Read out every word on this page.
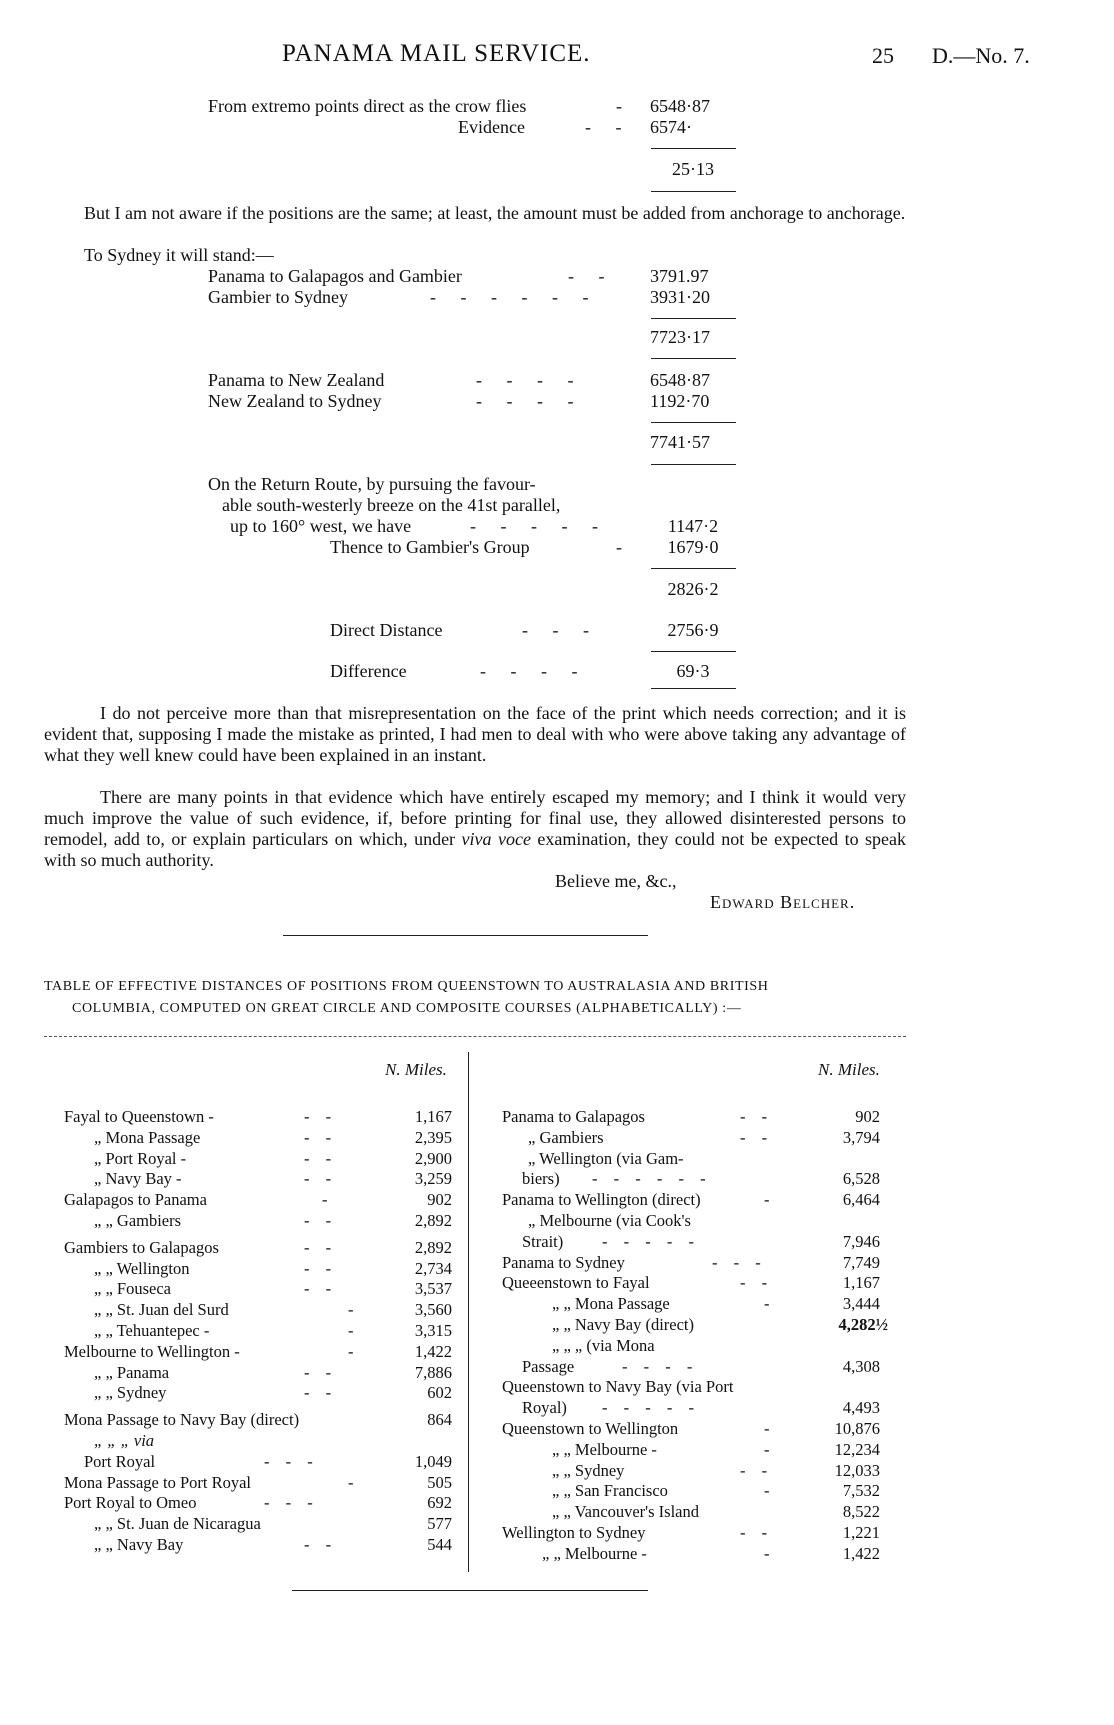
PANAMA MAIL SERVICE.	25 D.—No. 7.
From extremo points direct as the crow flies	- 6548·87
Evidence	- - 6574·
25·13
But I am not aware if the positions are the same; at least, the amount must be added from anchorage to anchorage.
To Sydney it will stand:—
Panama to Galapagos and Gambier	- - 3791.97
Gambier to Sydney	- - - - - -	3931·20
7723·17
Panama to New Zealand	- - - -	6548·87
New Zealand to Sydney	- - - -	1192·70
7741·57
On the Return Route, by pursuing the favour-
able south-westerly breeze on the 41st parallel,
up to 160° west, we have	- - - - -	1147·2
Thence to Gambier's Group	-	1679·0
2826·2
Direct Distance	- - -	2756·9
Difference	- - - -	69·3
I do not perceive more than that misrepresentation on the face of the print which needs correction; and it is evident that, supposing I made the mistake as printed, I had men to deal with who were above taking any advantage of what they well knew could have been explained in an instant.
There are many points in that evidence which have entirely escaped my memory; and I think it would very much improve the value of such evidence, if, before printing for final use, they allowed disinterested persons to remodel, add to, or explain particulars on which, under viva voce examination, they could not be expected to speak with so much authority.
Believe me, &c.,
Edward Belcher.
TABLE OF EFFECTIVE DISTANCES OF POSITIONS FROM QUEENSTOWN TO AUSTRALASIA AND BRITISH
COLUMBIA, COMPUTED ON GREAT CIRCLE AND COMPOSITE COURSES (ALPHABETICALLY) :—
N. Miles.	N. Miles.
Fayal to Queenstown -	- -	1,167
„ Mona Passage	- -	2,395
„ Port Royal -	- -	2,900
„ Navy Bay -	- -	3,259
Galapagos to Panama	-	902
„ „ Gambiers	- -	2,892
Gambiers to Galapagos	- -	2,892
„ „ Wellington	- -	2,734
„ „ Fouseca	- -	3,537
„ „ St. Juan del Surd	-	3,560
„ „ Tehuantepec -	-	3,315
Melbourne to Wellington -	-	1,422
„ „ Panama	- -	7,886
„ „ Sydney	- -	602
Mona Passage to Navy Bay (direct)	864
„ „ „ via
Port Royal	- - -	1,049
Mona Passage to Port Royal	-	505
Port Royal to Omeo	- - -	692
„ „ St. Juan de Nicaragua	577
„ „ Navy Bay	- -	544
Panama to Galapagos	- -	902
„ Gambiers	- -	3,794
„ Wellington (via Gam-
biers) - - - - - -	6,528
Panama to Wellington (direct)	-	6,464
„ Melbourne (via Cook's
Strait) - - - - -	7,946
Panama to Sydney	- - -	7,749
Queeenstown to Fayal	- -	1,167
„ „ Mona Passage	-	3,444
„ „ Navy Bay (direct)	4,282½
„ „ „ (via Mona
Passage	- - - -	4,308
Queenstown to Navy Bay (via Port
Royal) - - - - -	4,493
Queenstown to Wellington	-	10,876
„ „ Melbourne -	-	12,234
„ „ Sydney	- -	12,033
„ „ San Francisco	-	7,532
„ „ Vancouver's Island	8,522
Wellington to Sydney	- -	1,221
„ „ Melbourne -	-	1,422
